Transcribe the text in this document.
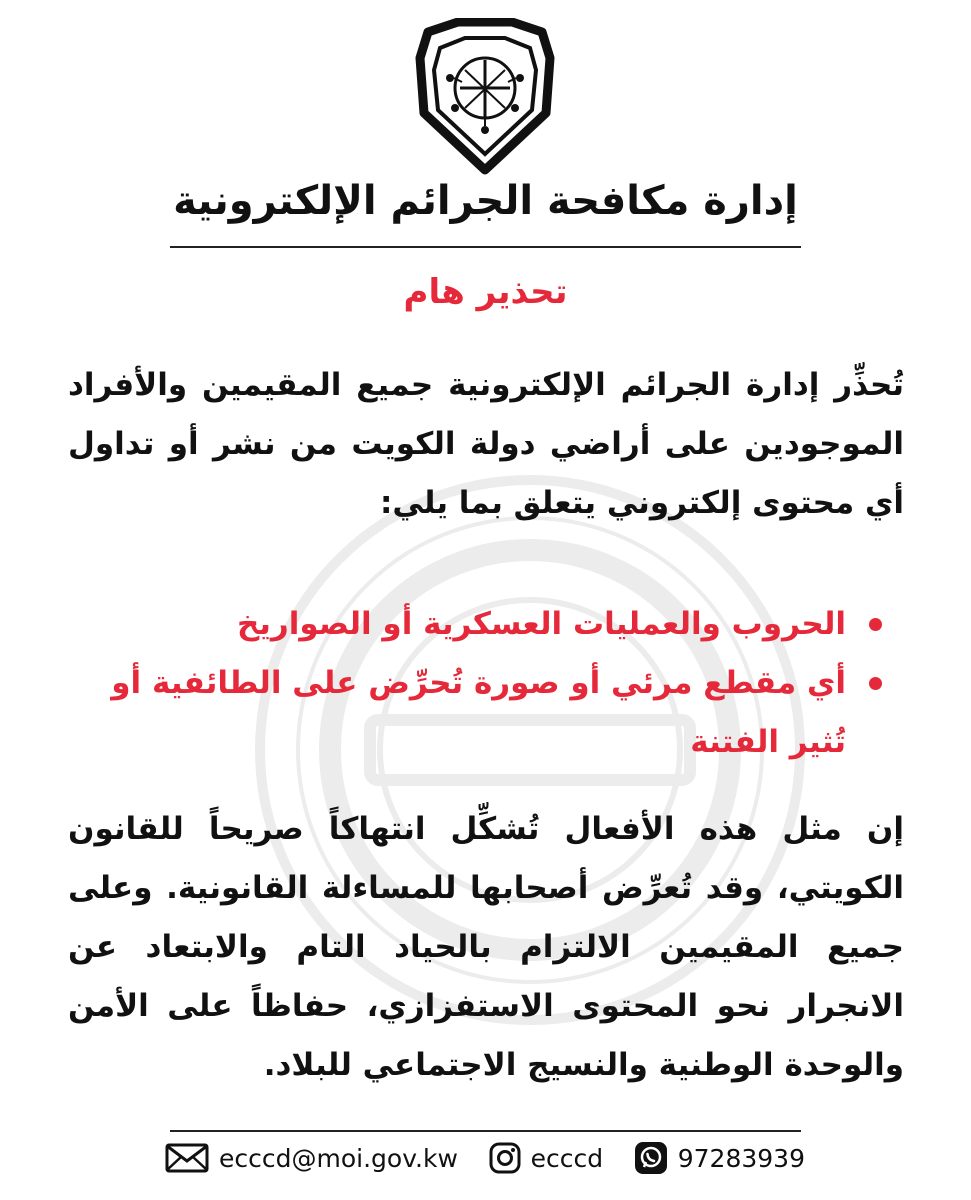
إدارة مكافحة الجرائم الإلكترونية
تحذير هام
تُحذِّر إدارة الجرائم الإلكترونية جميع المقيمين والأفراد الموجودين على أراضي دولة الكويت من نشر أو تداول أي محتوى إلكتروني يتعلق بما يلي:
الحروب والعمليات العسكرية أو الصواريخ
أي مقطع مرئي أو صورة تُحرِّض على الطائفية أو تُثير الفتنة
إن مثل هذه الأفعال تُشكِّل انتهاكاً صريحاً للقانون الكويتي، وقد تُعرِّض أصحابها للمساءلة القانونية. وعلى جميع المقيمين الالتزام بالحياد التام والابتعاد عن الانجرار نحو المحتوى الاستفزازي، حفاظاً على الأمن والوحدة الوطنية والنسيج الاجتماعي للبلاد.
ecccd@moi.gov.kw	ecccd	97283939
